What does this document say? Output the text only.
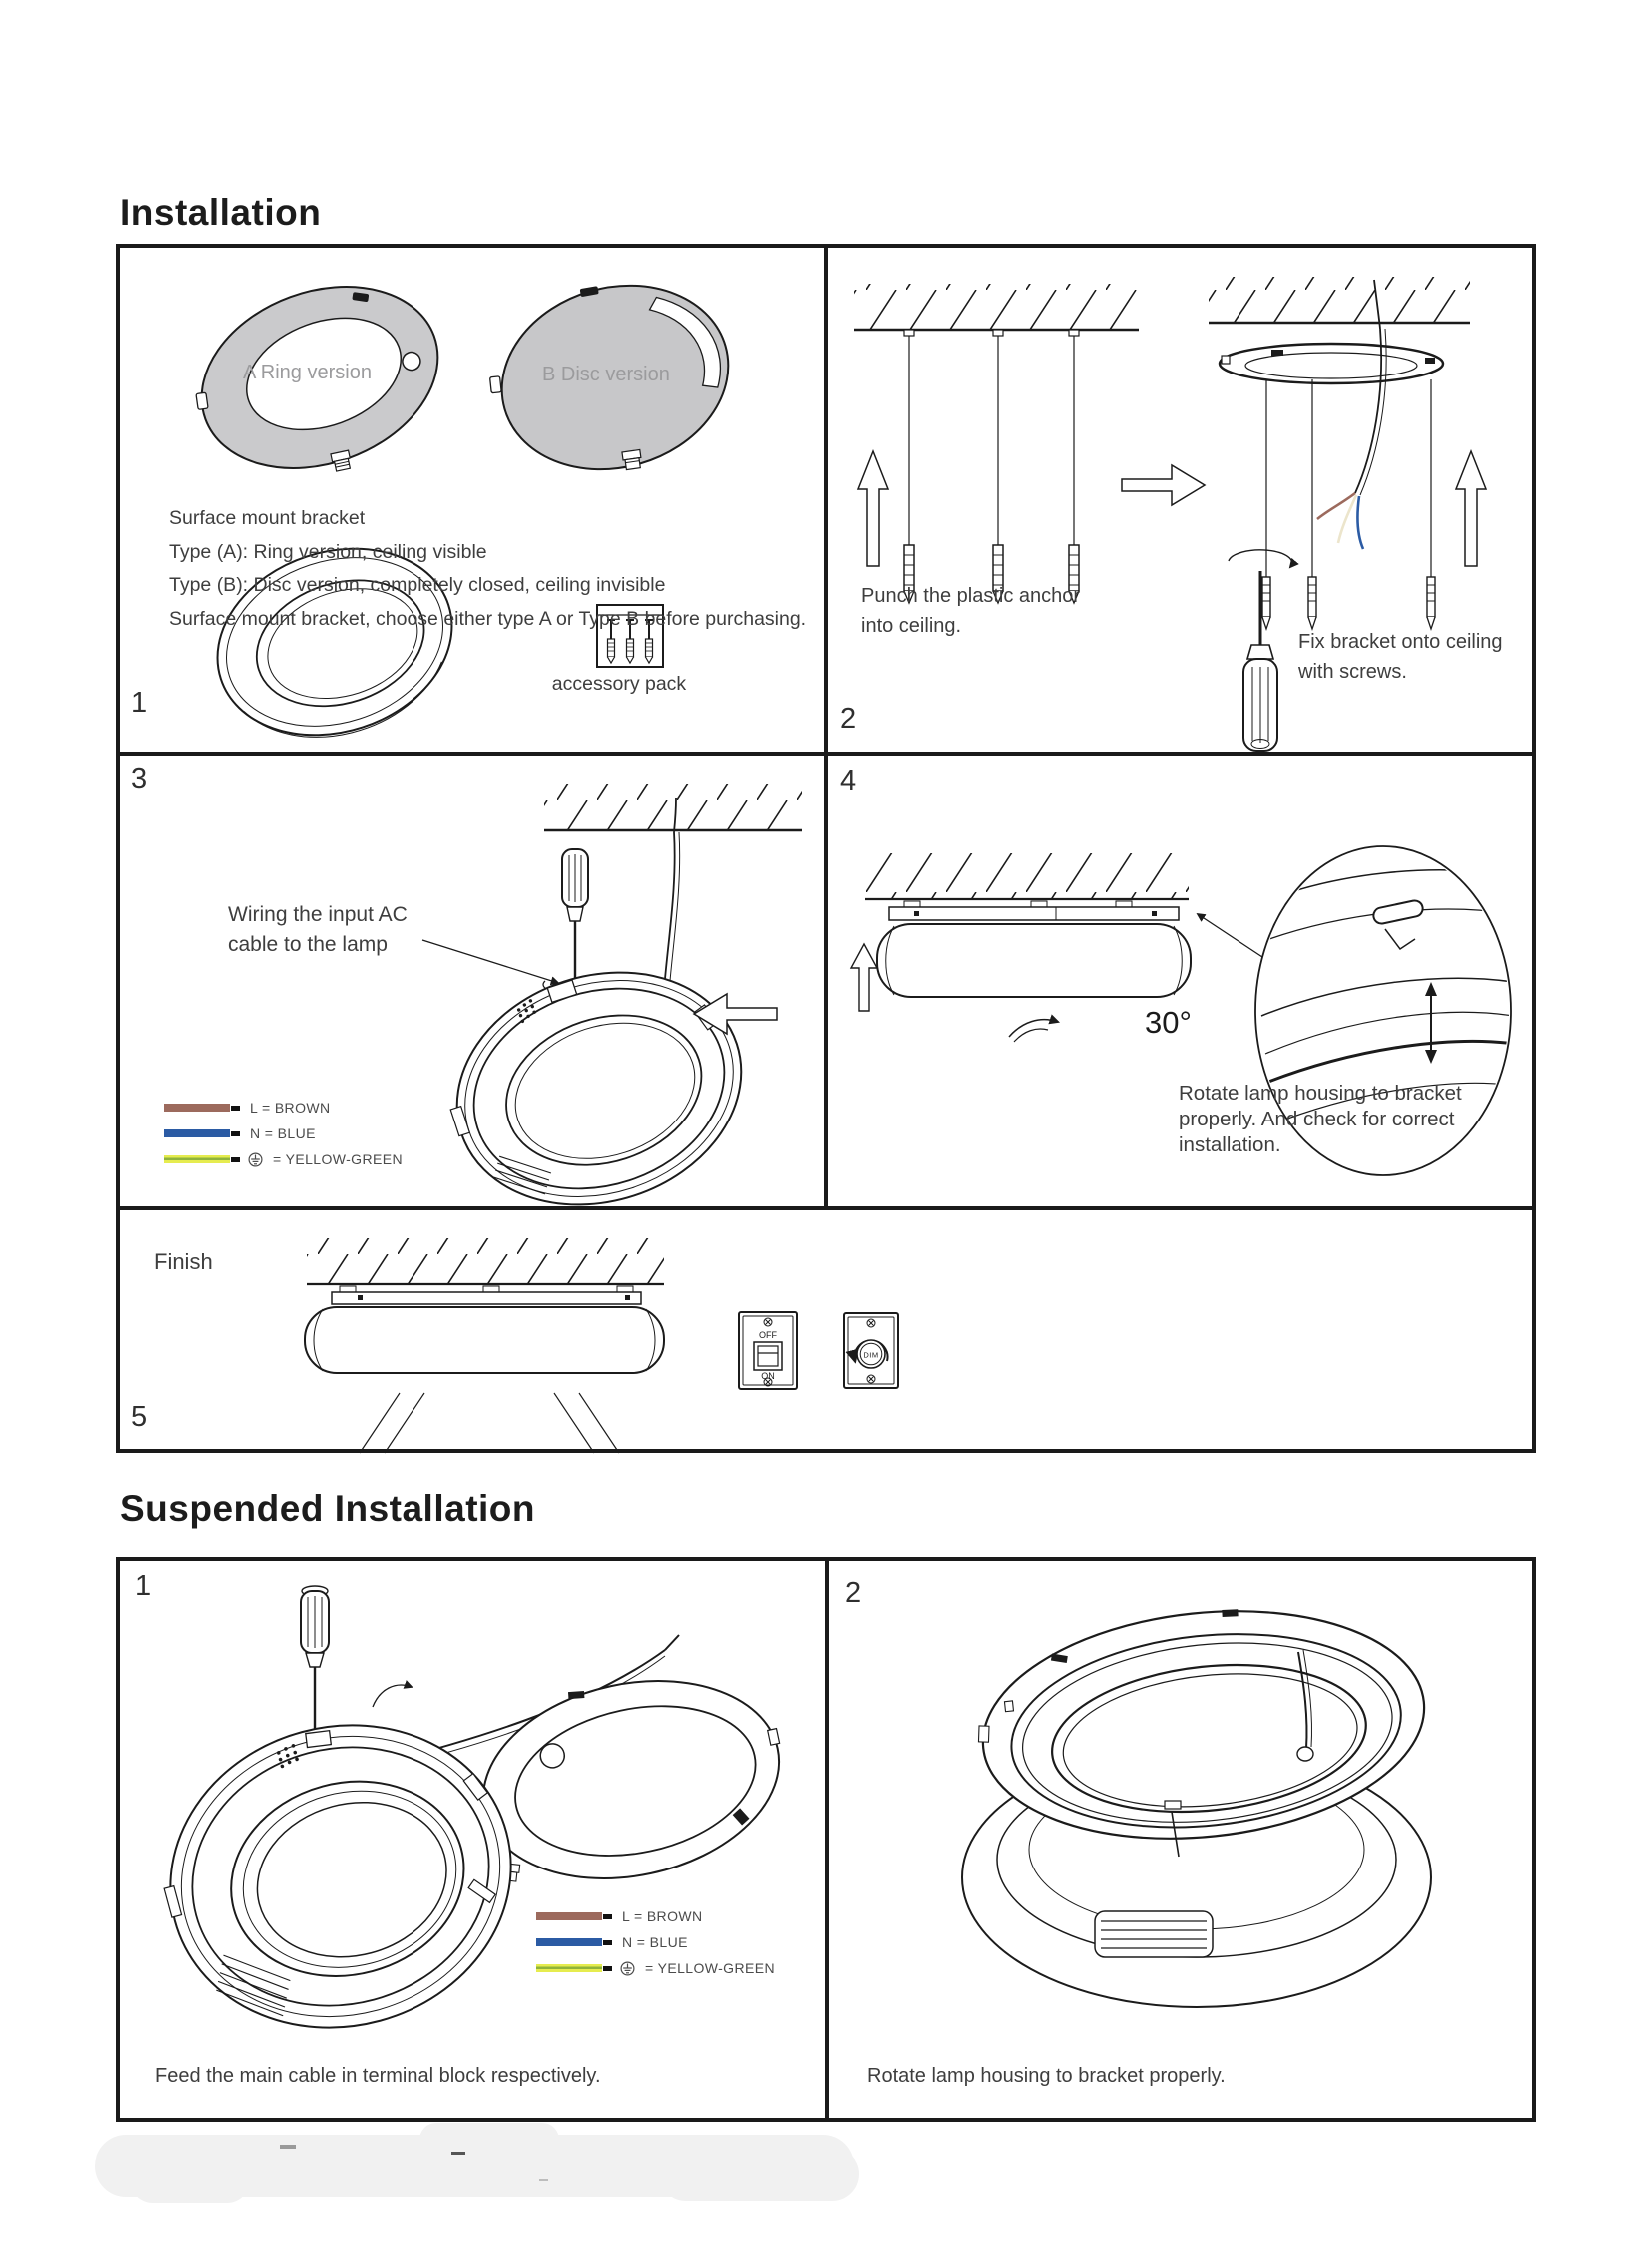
Installation
Suspended Installation
A Ring version	B Disc version
Surface mount bracket
Type (A): Ring version, ceiling visible
Type (B): Disc version, completely closed, ceiling invisible
Surface mount bracket, choose either type A or Type B before purchasing.
accessory pack
1
Punch the plastic anchor
into ceiling.
Fix bracket onto ceiling
with screws.
2
Wiring the input AC
cable to the lamp
3
L = BROWN
N = BLUE
= YELLOW-GREEN
4
30°
Rotate lamp housing to bracket
properly. And check for correct
installation.
OFF
ON
DIM
Finish
5
1
L = BROWN
N = BLUE
= YELLOW-GREEN
Feed the main cable in terminal block respectively.
2
Rotate lamp housing to bracket properly.
